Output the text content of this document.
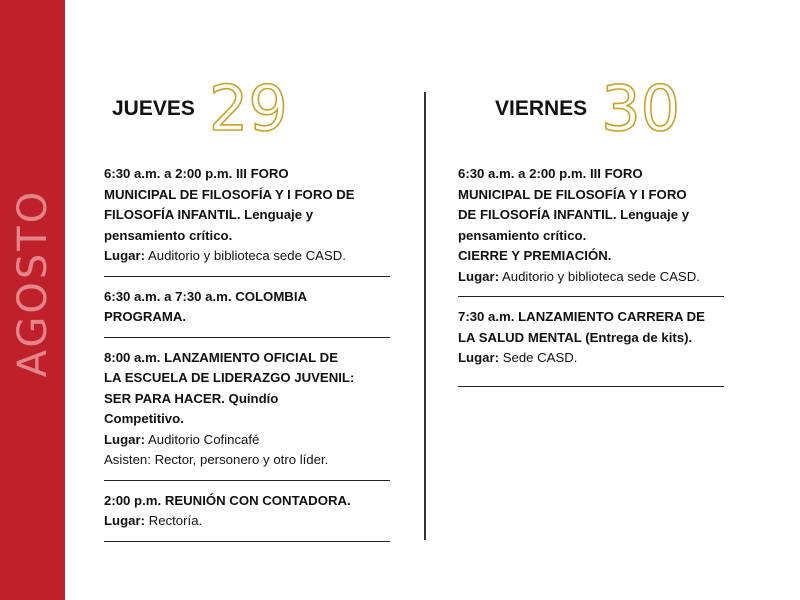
AGOSTO
JUEVES 29	VIERNES 30
6:30 a.m. a 2:00 p.m. III FORO
MUNICIPAL DE FILOSOFÍA Y I FORO DE
FILOSOFÍA INFANTIL. Lenguaje y
pensamiento crítico.
Lugar: Auditorio y biblioteca sede CASD.
6:30 a.m. a 7:30 a.m. COLOMBIA
PROGRAMA.
8:00 a.m. LANZAMIENTO OFICIAL DE
LA ESCUELA DE LIDERAZGO JUVENIL:
SER PARA HACER. Quindío
Competitivo.
Lugar: Auditorio Cofincafé
Asisten: Rector, personero y otro líder.
2:00 p.m. REUNIÓN CON CONTADORA.
Lugar: Rectoría.
6:30 a.m. a 2:00 p.m. III FORO
MUNICIPAL DE FILOSOFÍA Y I FORO
DE FILOSOFÍA INFANTIL. Lenguaje y
pensamiento crítico.
CIERRE Y PREMIACIÓN.
Lugar: Auditorio y biblioteca sede CASD.
7:30 a.m. LANZAMIENTO CARRERA DE
LA SALUD MENTAL (Entrega de kits).
Lugar: Sede CASD.
